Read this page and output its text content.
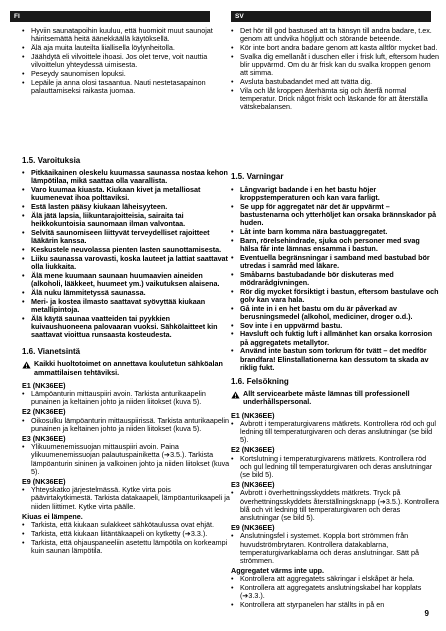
FI	SV
• Hyviin saunatapoihin kuuluu, että huomioit muut saunojat häiritsemättä heitä äänekkäällä käytöksellä.
• Älä aja muita lauteilta liiallisella löylynheitolla.
• Jäähdytä eli vilvoittele ihoasi. Jos olet terve, voit nauttia vilvoittelun yhteydessä uimisesta.
• Peseydy saunomisen lopuksi.
• Lepäile ja anna olosi tasaantua. Nauti nestetasapainon palauttamiseksi raikasta juomaa.
1.5. Varoituksia
• Pitkäaikainen oleskelu kuumassa saunassa nostaa kehon lämpötilaa, mikä saattaa olla vaarallista.
• Varo kuumaa kiuasta. Kiukaan kivet ja metalliosat kuumenevat ihoa polttaviksi.
• Estä lasten pääsy kiukaan läheisyyteen.
• Älä jätä lapsia, liikuntarajoitteisia, sairaita tai heikkokuntoisia saunomaan ilman valvontaa.
• Selvitä saunomiseen liittyvät terveydelliset rajoitteet lääkärin kanssa.
• Keskustele neuvolassa pienten lasten saunottamisesta.
• Liiku saunassa varovasti, koska lauteet ja lattiat saattavat olla liukkaita.
• Älä mene kuumaan saunaan huumaavien aineiden (alkoholi, lääkkeet, huumeet ym.) vaikutuksen alaisena.
• Älä nuku lämmitetyssä saunassa.
• Meri- ja kostea ilmasto saattavat syövyttää kiukaan metallipintoja.
• Älä käytä saunaa vaatteiden tai pyykkien kuivaushuoneena palovaaran vuoksi. Sähkölaitteet kin saattavat vioittua runsaasta kosteudesta.
1.6. Vianetsintä
Kaikki huoltotoimet on annettava koulutetun sähköalan ammattilaisen tehtäviksi.
E1 (NK36EE)
• Lämpöanturin mittauspiiri avoin. Tarkista anturikaapelin punainen ja keltainen johto ja niiden liitokset (kuva 5).
E2 (NK36EE)
• Oikosulku lämpöanturin mittauspiirissä. Tarkista anturikaapelin punainen ja keltainen johto ja niiden liitokset (kuva 5).
E3 (NK36EE)
• Ylikuumenemissuojan mittauspiiri avoin. Paina ylikuumenemissuojan palautuspainiketta (➔3.5.). Tarkista lämpöanturin sininen ja valkoinen johto ja niiden liitokset (kuva 5).
E9 (NK36EE)
• Yhteyskatko järjestelmässä. Kytke virta pois päävirtakytkimestä. Tarkista datakaapeli, lämpöanturikaapeli ja niiden liittimet. Kytke virta päälle.
Kiuas ei lämpene.
• Tarkista, että kiukaan sulakkeet sähkötaulussa ovat ehjät.
• Tarkista, että kiukaan liitäntäkaapeli on kytketty (➔3.3.).
• Tarkista, että ohjauspaneeliin asetettu lämpötila on korkeampi kuin saunan lämpötila.
• Det hör till god bastused att ta hänsyn till andra badare, t.ex. genom att undvika högljutt och störande beteende.
• Kör inte bort andra badare genom att kasta alltför mycket bad.
• Svalka dig emellanåt i duschen eller i frisk luft, eftersom huden blir uppvärmd. Om du är frisk kan du svalka kroppen genom att simma.
• Avsluta bastubadandet med att tvätta dig.
• Vila och låt kroppen återhämta sig och återfå normal temperatur. Drick något friskt och läskande för att återställa vätskebalansen.
1.5. Varningar
• Långvarigt badande i en het bastu höjer kroppstemperaturen och kan vara farligt.
• Se upp för aggregatet när det är uppvärmt – bastustenarna och ytterhöljet kan orsaka brännskador på huden.
• Låt inte barn komma nära bastuaggregatet.
• Barn, rörelsehindrade, sjuka och personer med svag hälsa får inte lämnas ensamma i bastun.
• Eventuella begränsningar i samband med bastubad bör utredas i samråd med läkare.
• Småbarns bastubadande bör diskuteras med mödrarådgivningen.
• Rör dig mycket försiktigt i bastun, eftersom bastulave och golv kan vara hala.
• Gå inte in i en het bastu om du är påverkad av berusningsmedel (alkohol, mediciner, droger o.d.).
• Sov inte i en uppvärmd bastu.
• Havsluft och fuktig luft i allmänhet kan orsaka korrosion på aggregatets metallytor.
• Använd inte bastun som torkrum för tvätt – det medför brandfara! Elinstallationerna kan dessutom ta skada av riklig fukt.
1.6. Felsökning
Allt servicearbete måste lämnas till professionell underhållspersonal.
E1 (NK36EE)
• Avbrott i temperaturgivarens mätkrets. Kontrollera röd och gul ledning till temperaturgivaren och deras anslutningar (se bild 5).
E2 (NK36EE)
• Kortslutning i temperaturgivarens mätkrets. Kontrollera röd och gul ledning till temperaturgivaren och deras anslutningar (se bild 5).
E3 (NK36EE)
• Avbrott i överhettningsskyddets mätkrets. Tryck på överhettningsskyddets återställningsknapp (➔3.5.). Kontrollera blå och vit ledning till temperaturgivaren och deras anslutningar (se bild 5).
E9 (NK36EE)
• Anslutningsfel i systemet. Koppla bort strömmen från huvudströmbrytaren. Kontrollera datakablarna, temperaturgivarkablarna och deras anslutningar. Sätt på strömmen.
Aggregatet värms inte upp.
• Kontrollera att aggregatets säkringar i elskåpet är hela.
• Kontrollera att aggregatets anslutningskabel har kopplats (➔3.3.).
• Kontrollera att styrpanelen har ställts in på en
9
